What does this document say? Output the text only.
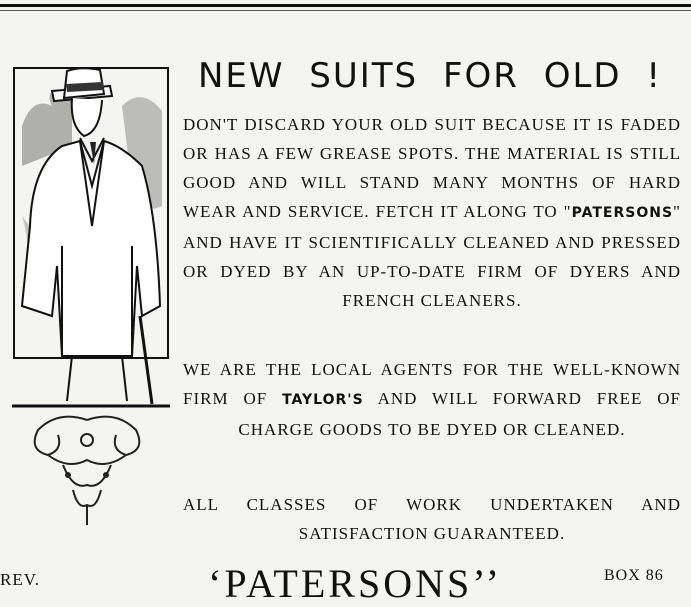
NEW SUITS FOR OLD !
DON'T DISCARD YOUR OLD SUIT BECAUSE IT IS FADED OR HAS A FEW GREASE SPOTS. THE MATERIAL IS STILL GOOD AND WILL STAND MANY MONTHS OF HARD WEAR AND SERVICE. FETCH IT ALONG TO "PATERSONS" AND HAVE IT SCIENTIFICALLY CLEANED AND PRESSED OR DYED BY AN UP-TO-DATE FIRM OF DYERS AND FRENCH CLEANERS.
WE ARE THE LOCAL AGENTS FOR THE WELL-KNOWN FIRM OF TAYLOR'S AND WILL FORWARD FREE OF CHARGE GOODS TO BE DYED OR CLEANED.
ALL CLASSES OF WORK UNDERTAKEN AND SATISFACTION GUARANTEED.
REV.	‘PATERSONS’’	BOX 86
